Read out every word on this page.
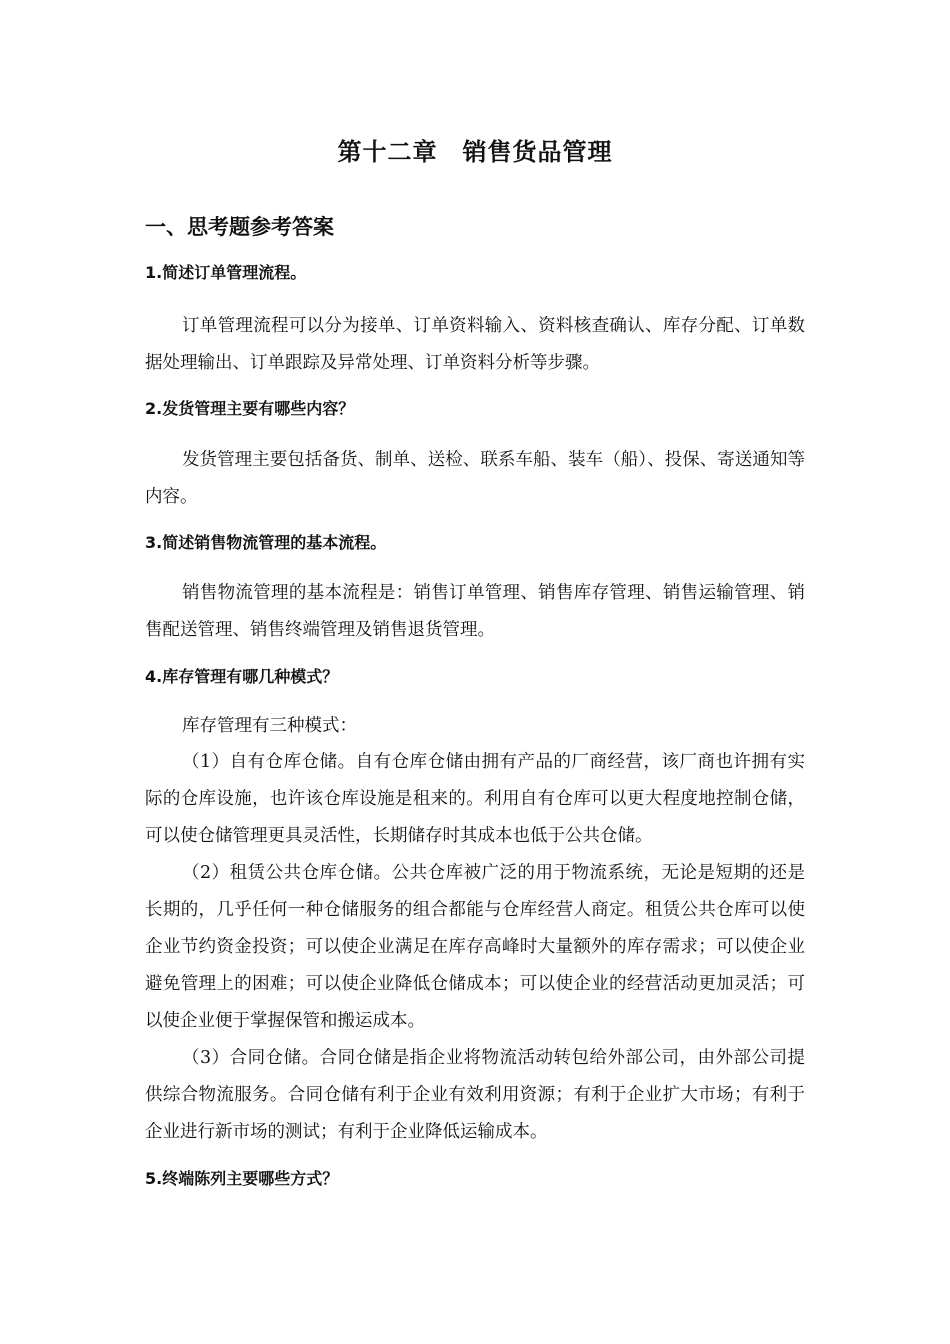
第十二章　销售货品管理
一、思考题参考答案
1.简述订单管理流程。
订单管理流程可以分为接单、订单资料输入、资料核查确认、库存分配、订单数据处理输出、订单跟踪及异常处理、订单资料分析等步骤。
2.发货管理主要有哪些内容？
发货管理主要包括备货、制单、送检、联系车船、装车（船）、投保、寄送通知等内容。
3.简述销售物流管理的基本流程。
销售物流管理的基本流程是：销售订单管理、销售库存管理、销售运输管理、销售配送管理、销售终端管理及销售退货管理。
4.库存管理有哪几种模式？
库存管理有三种模式：
（1）自有仓库仓储。自有仓库仓储由拥有产品的厂商经营，该厂商也许拥有实际的仓库设施，也许该仓库设施是租来的。利用自有仓库可以更大程度地控制仓储，可以使仓储管理更具灵活性，长期储存时其成本也低于公共仓储。
（2）租赁公共仓库仓储。公共仓库被广泛的用于物流系统，无论是短期的还是长期的，几乎任何一种仓储服务的组合都能与仓库经营人商定。租赁公共仓库可以使企业节约资金投资；可以使企业满足在库存高峰时大量额外的库存需求；可以使企业避免管理上的困难；可以使企业降低仓储成本；可以使企业的经营活动更加灵活；可以使企业便于掌握保管和搬运成本。
（3）合同仓储。合同仓储是指企业将物流活动转包给外部公司，由外部公司提供综合物流服务。合同仓储有利于企业有效利用资源；有利于企业扩大市场；有利于企业进行新市场的测试；有利于企业降低运输成本。
5.终端陈列主要哪些方式？
